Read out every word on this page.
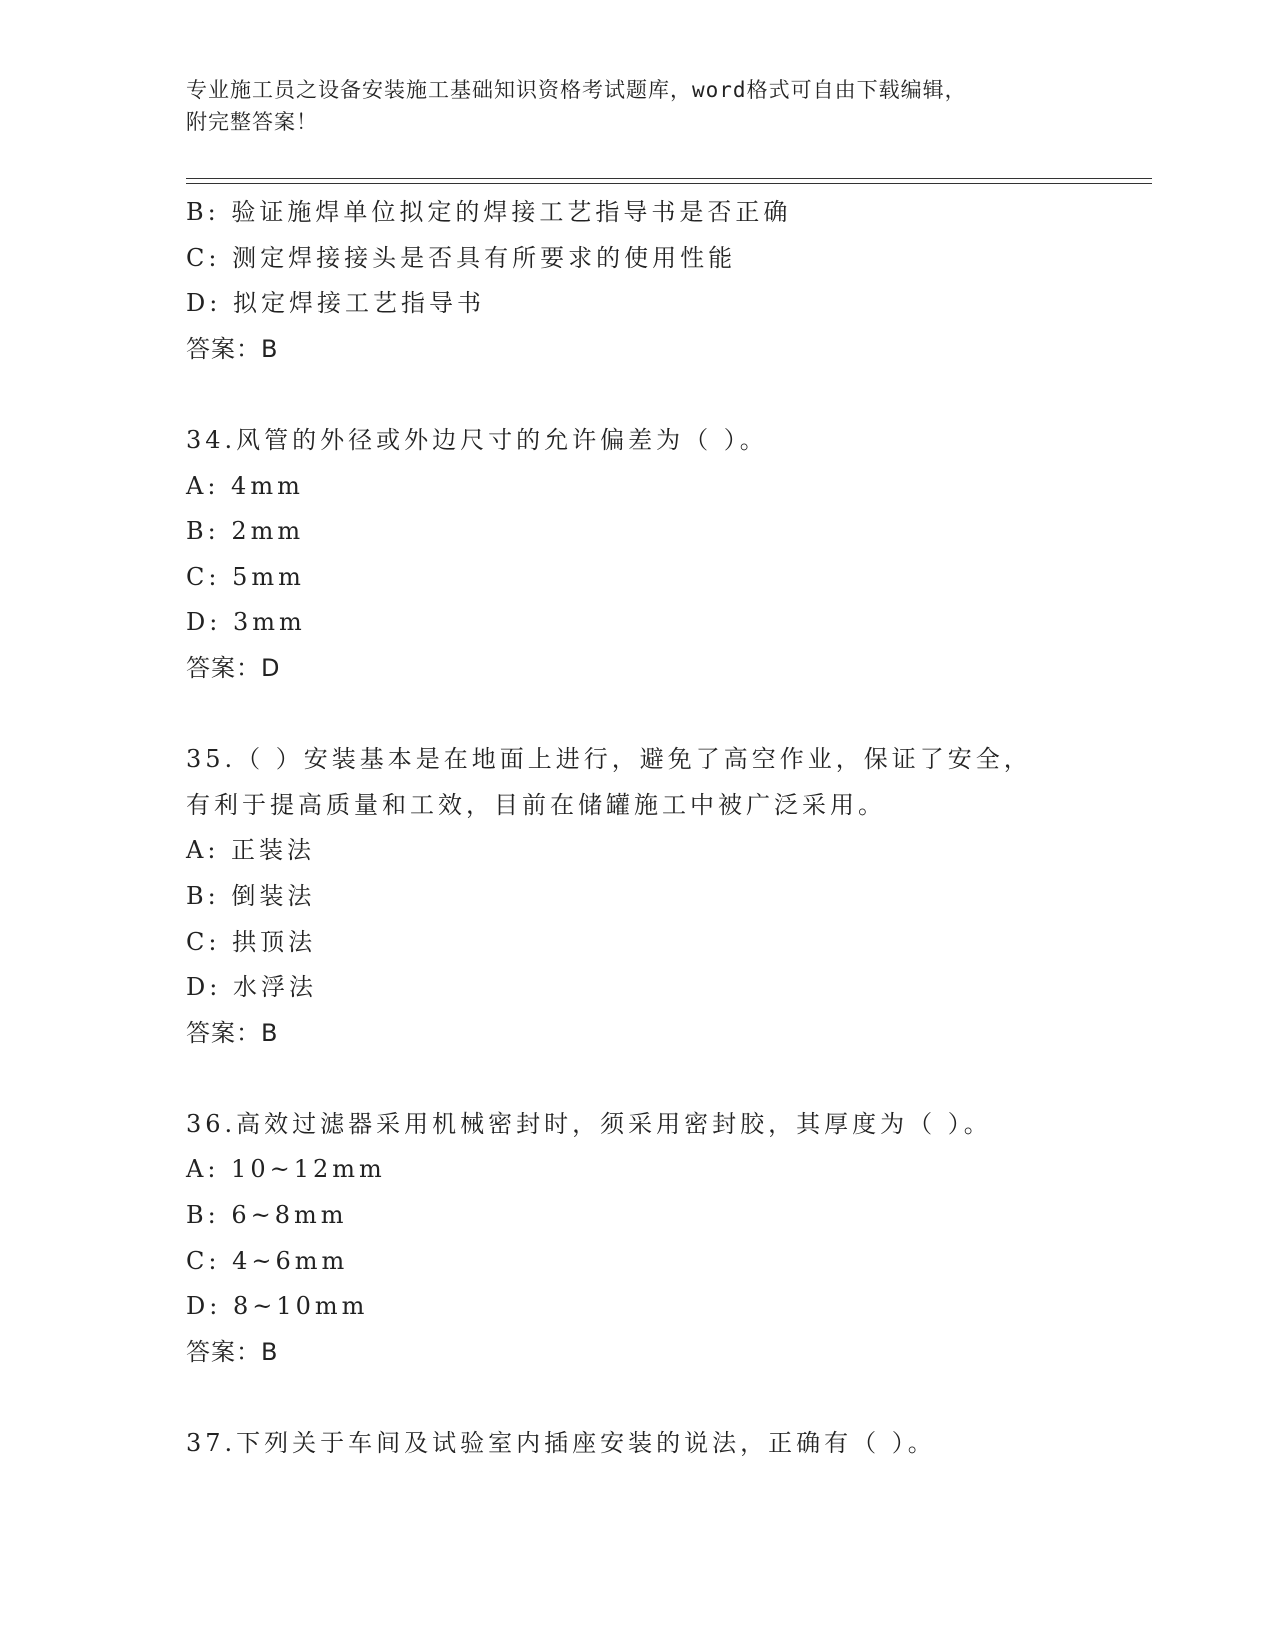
专业施工员之设备安装施工基础知识资格考试题库，word格式可自由下载编辑，
附完整答案！
B: 验证施焊单位拟定的焊接工艺指导书是否正确
C: 测定焊接接头是否具有所要求的使用性能
D: 拟定焊接工艺指导书
答案：B
34.风管的外径或外边尺寸的允许偏差为（ ）。
A: 4mm
B: 2mm
C: 5mm
D: 3mm
答案：D
35.（ ）安装基本是在地面上进行，避免了高空作业，保证了安全，
有利于提高质量和工效，目前在储罐施工中被广泛采用。
A: 正装法
B: 倒装法
C: 拱顶法
D: 水浮法
答案：B
36.高效过滤器采用机械密封时，须采用密封胶，其厚度为（ ）。
A: 10~12mm
B: 6~8mm
C: 4~6mm
D: 8~10mm
答案：B
37.下列关于车间及试验室内插座安装的说法，正确有（ ）。
